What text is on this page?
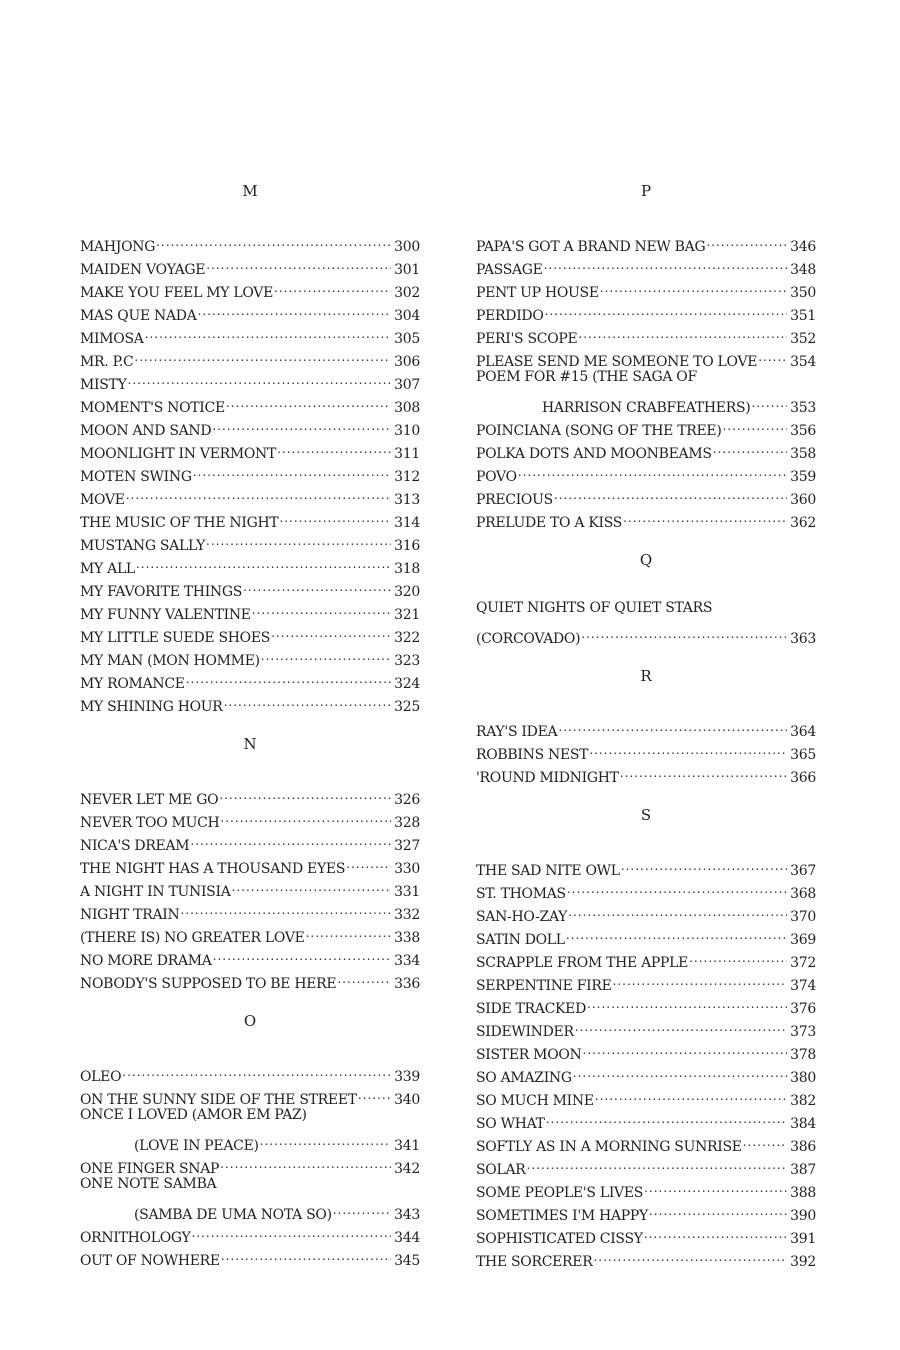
M
MAHJONG .....	300
MAIDEN VOYAGE .....	301
MAKE YOU FEEL MY LOVE .....	302
MAS QUE NADA .....	304
MIMOSA .....	305
MR. P.C .....	306
MISTY .....	307
MOMENT'S NOTICE .....	308
MOON AND SAND .....	310
MOONLIGHT IN VERMONT .....	311
MOTEN SWING .....	312
MOVE .....	313
THE MUSIC OF THE NIGHT .....	314
MUSTANG SALLY .....	316
MY ALL .....	318
MY FAVORITE THINGS .....	320
MY FUNNY VALENTINE .....	321
MY LITTLE SUEDE SHOES .....	322
MY MAN (MON HOMME) .....	323
MY ROMANCE .....	324
MY SHINING HOUR .....	325
N
NEVER LET ME GO .....	326
NEVER TOO MUCH .....	328
NICA'S DREAM .....	327
THE NIGHT HAS A THOUSAND EYES .....	330
A NIGHT IN TUNISIA .....	331
NIGHT TRAIN .....	332
(THERE IS) NO GREATER LOVE .....	338
NO MORE DRAMA .....	334
NOBODY'S SUPPOSED TO BE HERE .....	336
O
OLEO .....	339
ON THE SUNNY SIDE OF THE STREET .....	340
ONCE I LOVED (AMOR EM PAZ)
(LOVE IN PEACE) .....	341
ONE FINGER SNAP .....	342
ONE NOTE SAMBA
(SAMBA DE UMA NOTA SO) .....	343
ORNITHOLOGY .....	344
OUT OF NOWHERE .....	345
P
PAPA'S GOT A BRAND NEW BAG .....	346
PASSAGE .....	348
PENT UP HOUSE .....	350
PERDIDO .....	351
PERI'S SCOPE .....	352
PLEASE SEND ME SOMEONE TO LOVE ..... 354
POEM FOR #15 (THE SAGA OF
HARRISON CRABFEATHERS) .....	353
POINCIANA (SONG OF THE TREE) .....	356
POLKA DOTS AND MOONBEAMS .....	358
POVO .....	359
PRECIOUS .....	360
PRELUDE TO A KISS .....	362
Q
QUIET NIGHTS OF QUIET STARS
(CORCOVADO) .....	363
R
RAY'S IDEA .....	364
ROBBINS NEST .....	365
'ROUND MIDNIGHT .....	366
S
THE SAD NITE OWL .....	367
ST. THOMAS .....	368
SAN-HO-ZAY .....	370
SATIN DOLL .....	369
SCRAPPLE FROM THE APPLE .....	372
SERPENTINE FIRE .....	374
SIDE TRACKED .....	376
SIDEWINDER .....	373
SISTER MOON .....	378
SO AMAZING .....	380
SO MUCH MINE .....	382
SO WHAT .....	384
SOFTLY AS IN A MORNING SUNRISE .....	386
SOLAR .....	387
SOME PEOPLE'S LIVES .....	388
SOMETIMES I'M HAPPY .....	390
SOPHISTICATED CISSY .....	391
THE SORCERER .....	392
